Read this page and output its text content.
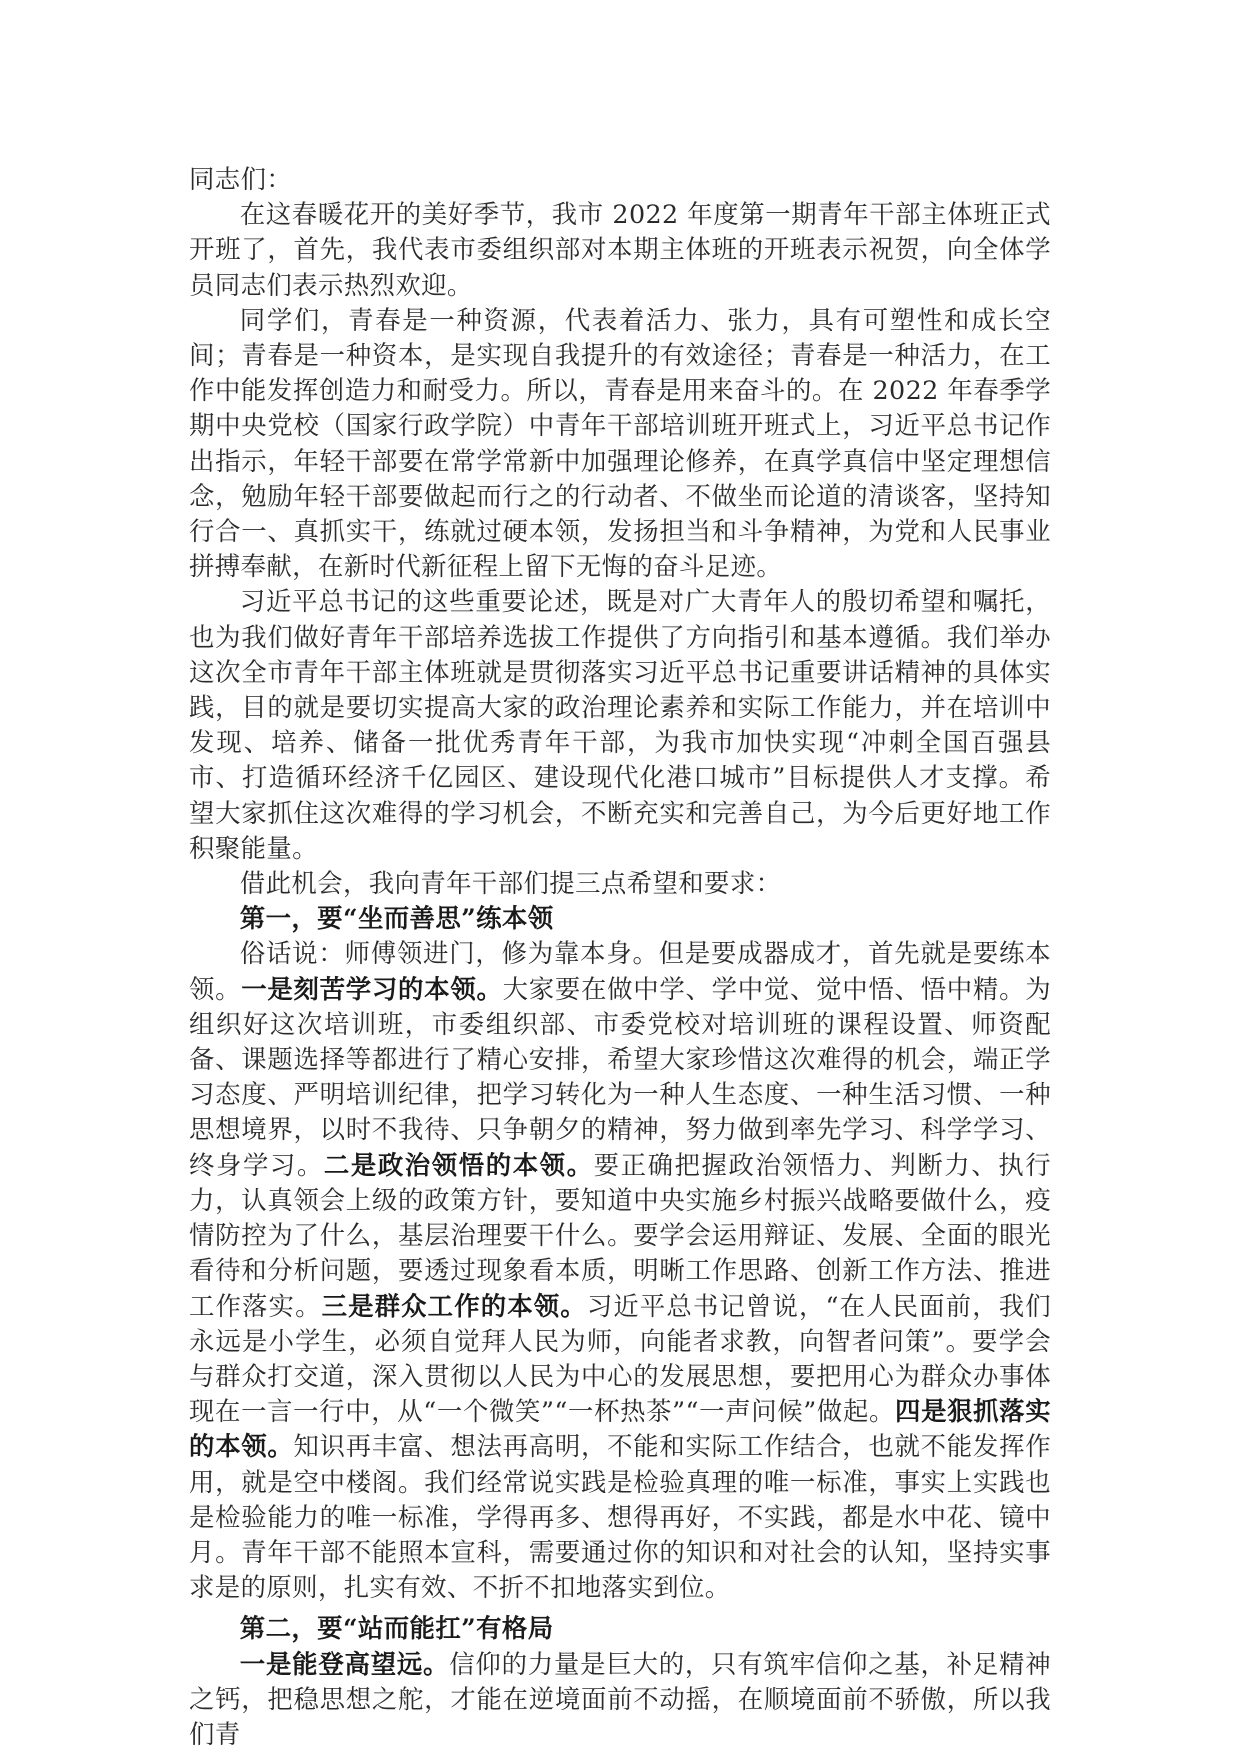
同志们：

在这春暖花开的美好季节，我市 2022 年度第一期青年干部主体班正式开班了，首先，我代表市委组织部对本期主体班的开班表示祝贺，向全体学员同志们表示热烈欢迎。

同学们，青春是一种资源，代表着活力、张力，具有可塑性和成长空间；青春是一种资本，是实现自我提升的有效途径；青春是一种活力，在工作中能发挥创造力和耐受力。所以，青春是用来奋斗的。在 2022 年春季学期中央党校（国家行政学院）中青年干部培训班开班式上，习近平总书记作出指示，年轻干部要在常学常新中加强理论修养，在真学真信中坚定理想信念，勉励年轻干部要做起而行之的行动者、不做坐而论道的清谈客，坚持知行合一、真抓实干，练就过硬本领，发扬担当和斗争精神，为党和人民事业拼搏奉献，在新时代新征程上留下无悔的奋斗足迹。

习近平总书记的这些重要论述，既是对广大青年人的殷切希望和嘱托，也为我们做好青年干部培养选拔工作提供了方向指引和基本遵循。我们举办这次全市青年干部主体班就是贯彻落实习近平总书记重要讲话精神的具体实践，目的就是要切实提高大家的政治理论素养和实际工作能力，并在培训中发现、培养、储备一批优秀青年干部，为我市加快实现“冲刺全国百强县市、打造循环经济千亿园区、建设现代化港口城市”目标提供人才支撑。希望大家抓住这次难得的学习机会，不断充实和完善自己，为今后更好地工作积聚能量。

借此机会，我向青年干部们提三点希望和要求：

第一，要“坐而善思”练本领

俗话说：师傅领进门，修为靠本身。但是要成器成才，首先就是要练本领。一是刻苦学习的本领。大家要在做中学、学中觉、觉中悟、悟中精。为组织好这次培训班，市委组织部、市委党校对培训班的课程设置、师资配备、课题选择等都进行了精心安排，希望大家珍惜这次难得的机会，端正学习态度、严明培训纪律，把学习转化为一种人生态度、一种生活习惯、一种思想境界，以时不我待、只争朝夕的精神，努力做到率先学习、科学学习、终身学习。二是政治领悟的本领。要正确把握政治领悟力、判断力、执行力，认真领会上级的政策方针，要知道中央实施乡村振兴战略要做什么，疫情防控为了什么，基层治理要干什么。要学会运用辩证、发展、全面的眼光看待和分析问题，要透过现象看本质，明晰工作思路、创新工作方法、推进工作落实。三是群众工作的本领。习近平总书记曾说，“在人民面前，我们永远是小学生，必须自觉拜人民为师，向能者求教，向智者问策”。要学会与群众打交道，深入贯彻以人民为中心的发展思想，要把用心为群众办事体现在一言一行中，从“一个微笑”“一杯热茶”“一声问候”做起。四是狠抓落实的本领。知识再丰富、想法再高明，不能和实际工作结合，也就不能发挥作用，就是空中楼阁。我们经常说实践是检验真理的唯一标准，事实上实践也是检验能力的唯一标准，学得再多、想得再好，不实践，都是水中花、镜中月。青年干部不能照本宣科，需要通过你的知识和对社会的认知，坚持实事求是的原则，扎实有效、不折不扣地落实到位。

第二，要“站而能扛”有格局

一是能登高望远。信仰的力量是巨大的，只有筑牢信仰之基，补足精神之钙，把稳思想之舵，才能在逆境面前不动摇，在顺境面前不骄傲，所以我们青
